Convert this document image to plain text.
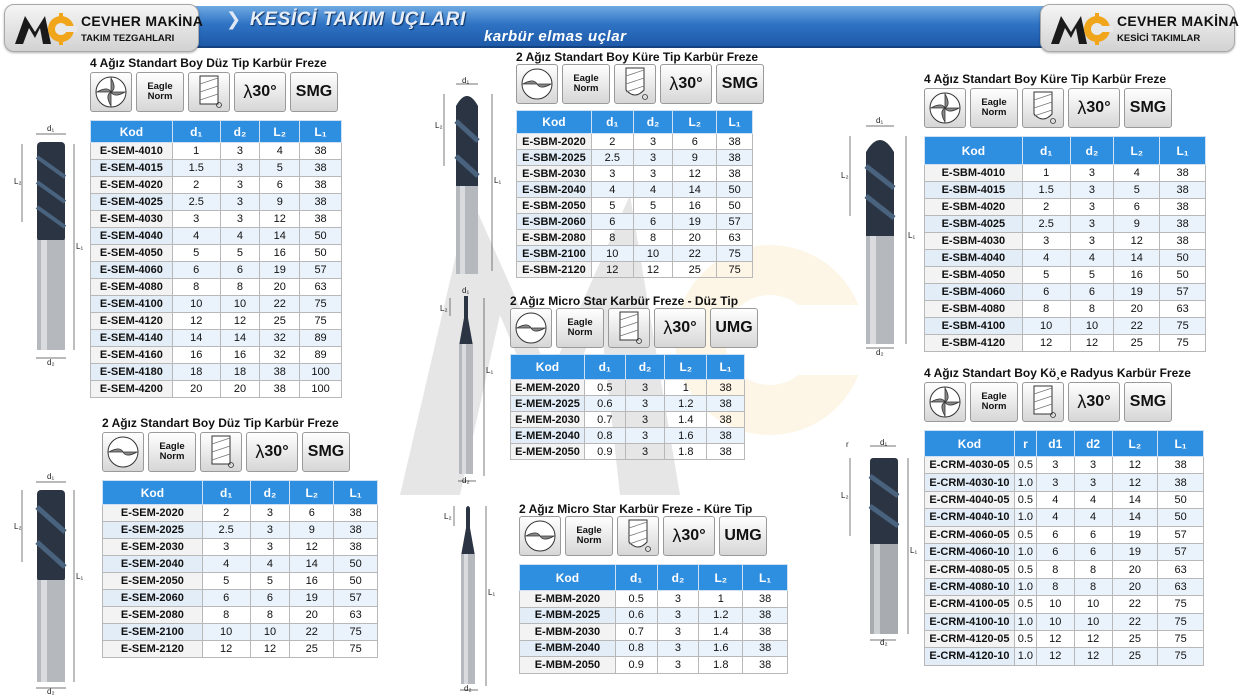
❯ KESİCİ TAKIM UÇLARI
karbür elmas uçlar
CEVHER MAKİNA
TAKIM TEZGAHLARI
CEVHER MAKİNA
KESİCİ TAKIMLAR
d₁
L₂
L₁
d₂
d₁
L₂
L₁
d₂
d₁
L₂
L₁
d₁
L₂
L₁
d₂
L₂
L₁
d₂
d₁
L₂
L₁
d₂
r	d₁
L₂
L₁
d₂
4 Ağız Standart Boy Düz Tip Karbür Freze
Eagle
Norm	λ 30°	SMG
Kod	d₁	d₂	L₂	L₁
E-SEM-4010	1	3	4	38
E-SEM-4015	1.5	3	5	38
E-SEM-4020	2	3	6	38
E-SEM-4025	2.5	3	9	38
E-SEM-4030	3	3	12	38
E-SEM-4040	4	4	14	50
E-SEM-4050	5	5	16	50
E-SEM-4060	6	6	19	57
E-SEM-4080	8	8	20	63
E-SEM-4100	10	10	22	75
E-SEM-4120	12	12	25	75
E-SEM-4140	14	14	32	89
E-SEM-4160	16	16	32	89
E-SEM-4180	18	18	38	100
E-SEM-4200	20	20	38	100
2 Ağız Standart Boy Düz Tip Karbür Freze
Eagle
Norm	λ 30°	SMG
Kod	d₁	d₂	L₂	L₁
E-SEM-2020	2	3	6	38
E-SEM-2025	2.5	3	9	38
E-SEM-2030	3	3	12	38
E-SEM-2040	4	4	14	50
E-SEM-2050	5	5	16	50
E-SEM-2060	6	6	19	57
E-SEM-2080	8	8	20	63
E-SEM-2100	10	10	22	75
E-SEM-2120	12	12	25	75
2 Ağız Standart Boy Küre Tip Karbür Freze
Eagle
Norm	λ 30°	SMG
Kod	d₁	d₂	L₂	L₁
E-SBM-2020	2	3	6	38
E-SBM-2025	2.5	3	9	38
E-SBM-2030	3	3	12	38
E-SBM-2040	4	4	14	50
E-SBM-2050	5	5	16	50
E-SBM-2060	6	6	19	57
E-SBM-2080	8	8	20	63
E-SBM-2100	10	10	22	75
E-SBM-2120	12	12	25	75
2 Ağız Micro Star Karbür Freze - Düz Tip
Eagle
Norm	λ 30°	UMG
Kod	d₁	d₂	L₂	L₁
E-MEM-2020	0.5	3	1	38
E-MEM-2025	0.6	3	1.2	38
E-MEM-2030	0.7	3	1.4	38
E-MEM-2040	0.8	3	1.6	38
E-MEM-2050	0.9	3	1.8	38
2 Ağız Micro Star Karbür Freze - Küre Tip
Eagle
Norm	λ 30°	UMG
Kod	d₁	d₂	L₂	L₁
E-MBM-2020	0.5	3	1	38
E-MBM-2025	0.6	3	1.2	38
E-MBM-2030	0.7	3	1.4	38
E-MBM-2040	0.8	3	1.6	38
E-MBM-2050	0.9	3	1.8	38
4 Ağız Standart Boy Küre Tip Karbür Freze
Eagle
Norm	λ 30°	SMG
Kod	d₁	d₂	L₂	L₁
E-SBM-4010	1	3	4	38
E-SBM-4015	1.5	3	5	38
E-SBM-4020	2	3	6	38
E-SBM-4025	2.5	3	9	38
E-SBM-4030	3	3	12	38
E-SBM-4040	4	4	14	50
E-SBM-4050	5	5	16	50
E-SBM-4060	6	6	19	57
E-SBM-4080	8	8	20	63
E-SBM-4100	10	10	22	75
E-SBM-4120	12	12	25	75
4 Ağız Standart Boy Kö¸e Radyus Karbür Freze
Eagle
Norm	λ 30°	SMG
Kod	r	d1	d2	L₂	L₁
E-CRM-4030-05	0.5	3	3	12	38
E-CRM-4030-10	1.0	3	3	12	38
E-CRM-4040-05	0.5	4	4	14	50
E-CRM-4040-10	1.0	4	4	14	50
E-CRM-4060-05	0.5	6	6	19	57
E-CRM-4060-10	1.0	6	6	19	57
E-CRM-4080-05	0.5	8	8	20	63
E-CRM-4080-10	1.0	8	8	20	63
E-CRM-4100-05	0.5	10	10	22	75
E-CRM-4100-10	1.0	10	10	22	75
E-CRM-4120-05	0.5	12	12	25	75
E-CRM-4120-10	1.0	12	12	25	75
